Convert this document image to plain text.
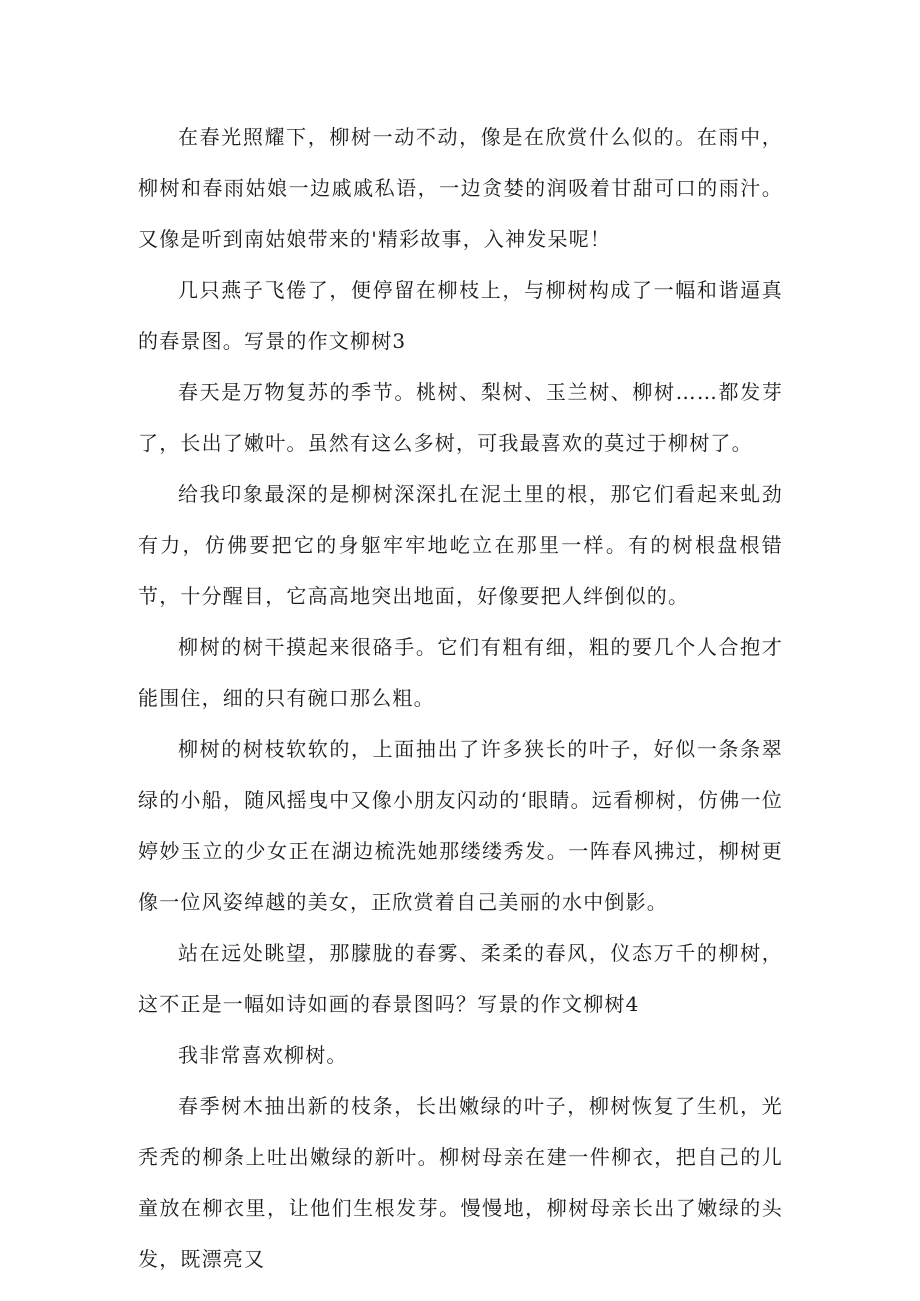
在春光照耀下，柳树一动不动，像是在欣赏什么似的。在雨中，柳树和春雨姑娘一边戚戚私语，一边贪婪的润吸着甘甜可口的雨汁。又像是听到南姑娘带来的'精彩故事，入神发呆呢！

几只燕子飞倦了，便停留在柳枝上，与柳树构成了一幅和谐逼真的春景图。写景的作文柳树3

春天是万物复苏的季节。桃树、梨树、玉兰树、柳树……都发芽了，长出了嫩叶。虽然有这么多树，可我最喜欢的莫过于柳树了。

给我印象最深的是柳树深深扎在泥土里的根，那它们看起来虬劲有力，仿佛要把它的身躯牢牢地屹立在那里一样。有的树根盘根错节，十分醒目，它高高地突出地面，好像要把人绊倒似的。

柳树的树干摸起来很硌手。它们有粗有细，粗的要几个人合抱才能围住，细的只有碗口那么粗。

柳树的树枝软软的，上面抽出了许多狭长的叶子，好似一条条翠绿的小船，随风摇曳中又像小朋友闪动的‘眼睛。远看柳树，仿佛一位婷妙玉立的少女正在湖边梳洗她那缕缕秀发。一阵春风拂过，柳树更像一位风姿绰越的美女，正欣赏着自己美丽的水中倒影。

站在远处眺望，那朦胧的春雾、柔柔的春风，仪态万千的柳树，这不正是一幅如诗如画的春景图吗？写景的作文柳树4

我非常喜欢柳树。

春季树木抽出新的枝条，长出嫩绿的叶子，柳树恢复了生机，光秃秃的柳条上吐出嫩绿的新叶。柳树母亲在建一件柳衣，把自己的儿童放在柳衣里，让他们生根发芽。慢慢地，柳树母亲长出了嫩绿的头发，既漂亮又
